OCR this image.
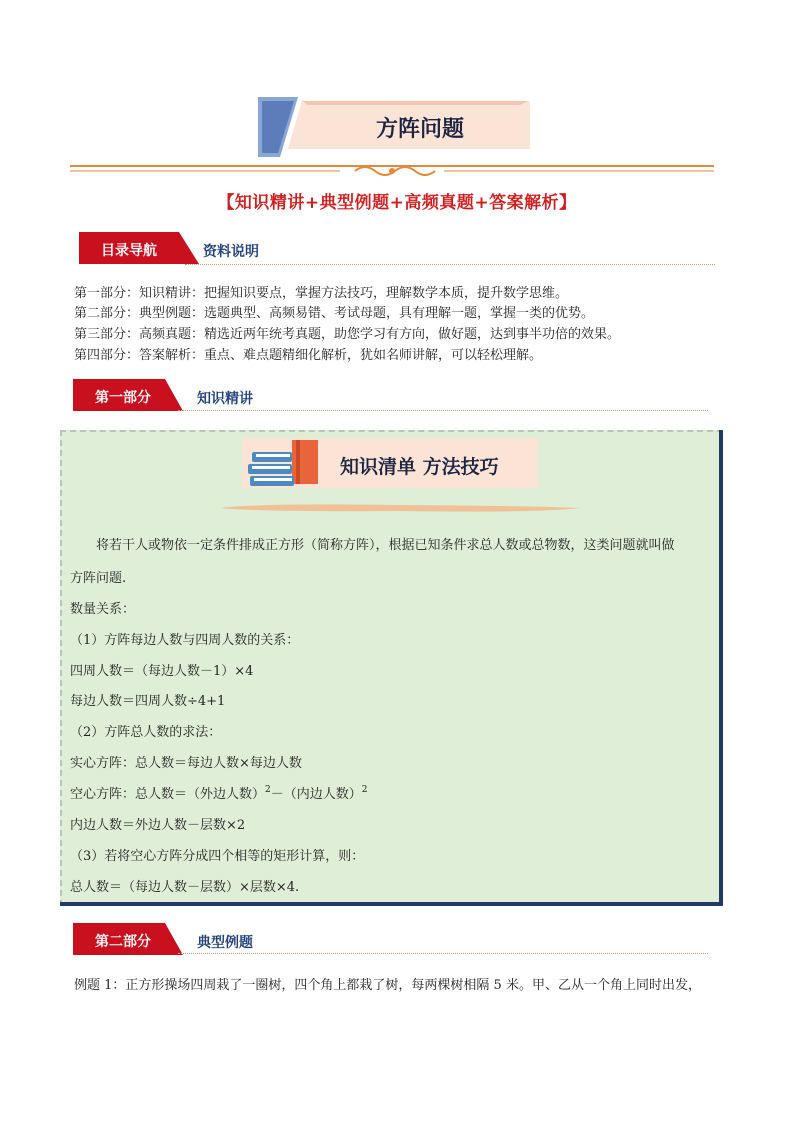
方阵问题
【知识精讲+典型例题+高频真题+答案解析】
目录导航	资料说明
第一部分：知识精讲：把握知识要点，掌握方法技巧，理解数学本质，提升数学思维。
第二部分：典型例题：选题典型、高频易错、考试母题，具有理解一题，掌握一类的优势。
第三部分：高频真题：精选近两年统考真题，助您学习有方向，做好题，达到事半功倍的效果。
第四部分：答案解析：重点、难点题精细化解析，犹如名师讲解，可以轻松理解。
第一部分	知识精讲
知识清单 方法技巧
将若干人或物依一定条件排成正方形（简称方阵），根据已知条件求总人数或总物数，这类问题就叫做
方阵问题.
数量关系：
（1）方阵每边人数与四周人数的关系：
四周人数＝（每边人数－1）×4
每边人数＝四周人数÷4+1
（2）方阵总人数的求法：
实心方阵：总人数＝每边人数×每边人数
空心方阵：总人数＝（外边人数）$^2$－（内边人数）$^2$
内边人数＝外边人数－层数×2
（3）若将空心方阵分成四个相等的矩形计算，则：
总人数＝（每边人数－层数）×层数×4.
第二部分	典型例题
例题 1：正方形操场四周栽了一圈树，四个角上都栽了树，每两棵树相隔 5 米。甲、乙从一个角上同时出发，
